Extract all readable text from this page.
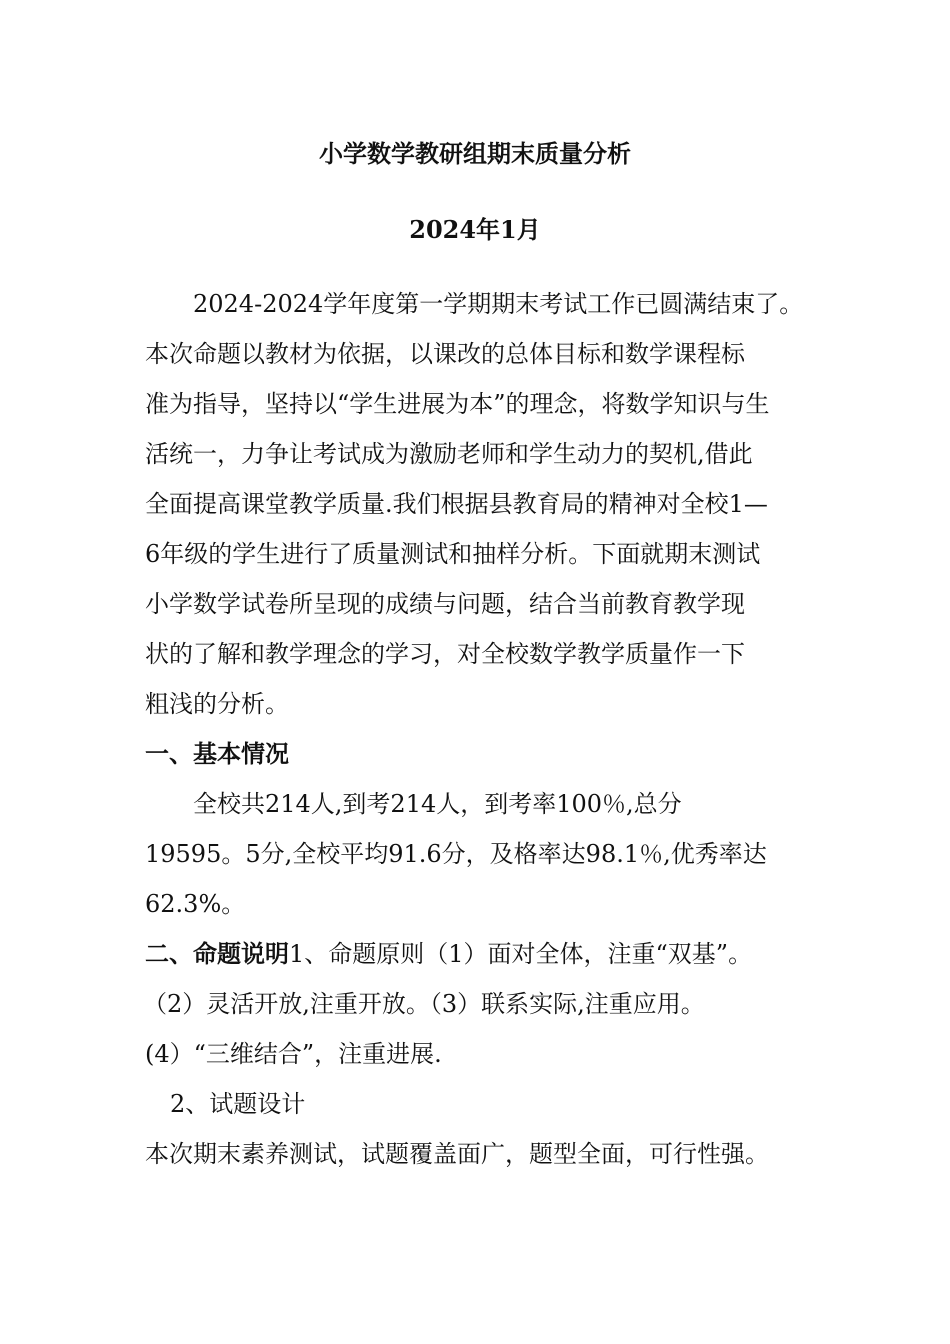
小学数学教研组期末质量分析
2024年1月
2024-2024学年度第一学期期末考试工作已圆满结束了。
本次命题以教材为依据，以课改的总体目标和数学课程标
准为指导，坚持以“学生进展为本”的理念，将数学知识与生
活统一，力争让考试成为激励老师和学生动力的契机,借此
全面提高课堂教学质量.我们根据县教育局的精神对全校1—
6年级的学生进行了质量测试和抽样分析。下面就期末测试
小学数学试卷所呈现的成绩与问题，结合当前教育教学现
状的了解和教学理念的学习，对全校数学教学质量作一下
粗浅的分析。
一、基本情况
全校共214人,到考214人，到考率100％,总分
19595。5分,全校平均91.6分，及格率达98.1％,优秀率达
62.3%。
二、命题说明1、命题原则（1）面对全体，注重“双基”。
（2）灵活开放,注重开放。（3）联系实际,注重应用。
(4）“三维结合”，注重进展.
2、试题设计
本次期末素养测试，试题覆盖面广，题型全面，可行性强。
